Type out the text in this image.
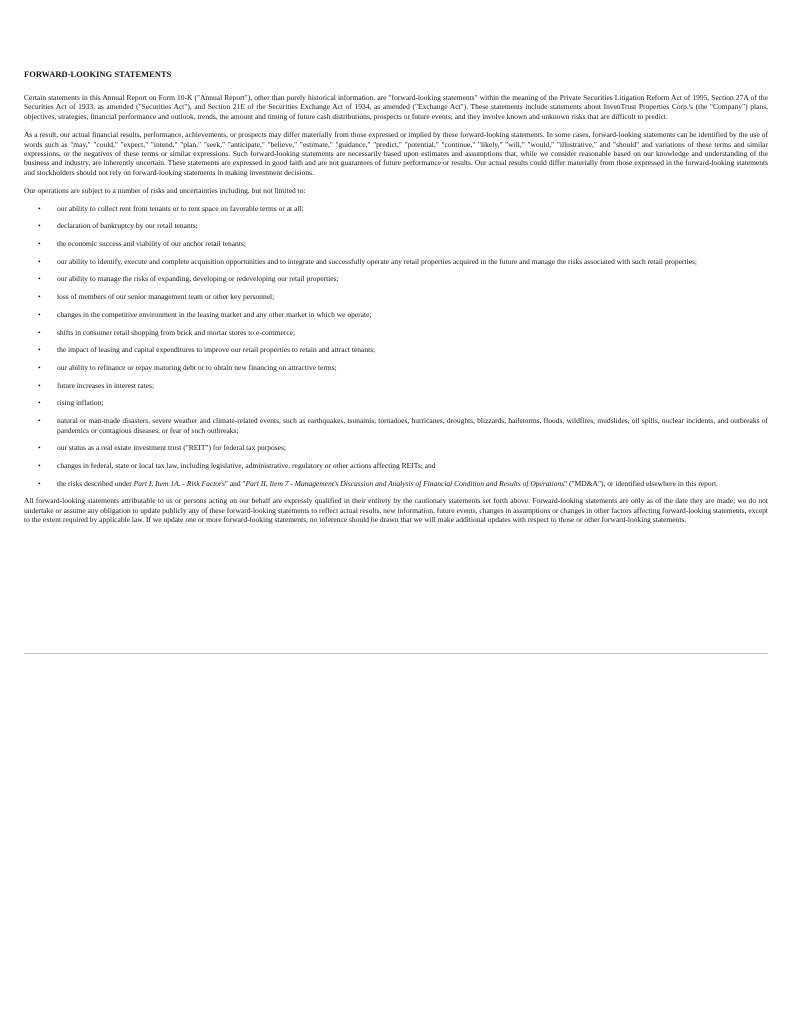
FORWARD-LOOKING STATEMENTS

Certain statements in this Annual Report on Form 10-K ("Annual Report"), other than purely historical information, are "forward-looking statements" within the meaning of the Private Securities Litigation Reform Act of 1995, Section 27A of the Securities Act of 1933, as amended ("Securities Act"), and Section 21E of the Securities Exchange Act of 1934, as amended ("Exchange Act"). These statements include statements about InvenTrust Properties Corp.'s (the "Company") plans, objectives, strategies, financial performance and outlook, trends, the amount and timing of future cash distributions, prospects or future events; and they involve known and unknown risks that are difficult to predict.

As a result, our actual financial results, performance, achievements, or prospects may differ materially from those expressed or implied by these forward-looking statements. In some cases, forward-looking statements can be identified by the use of words such as "may," "could," "expect," "intend," "plan," "seek," "anticipate," "believe," "estimate," "guidance," "predict," "potential," "continue," "likely," "will," "would," "illustrative," and "should" and variations of these terms and similar expressions, or the negatives of these terms or similar expressions. Such forward-looking statements are necessarily based upon estimates and assumptions that, while we consider reasonable based on our knowledge and understanding of the business and industry, are inherently uncertain. These statements are expressed in good faith and are not guarantees of future performance or results. Our actual results could differ materially from those expressed in the forward-looking statements and stockholders should not rely on forward-looking statements in making investment decisions.

Our operations are subject to a number of risks and uncertainties including, but not limited to:

• our ability to collect rent from tenants or to rent space on favorable terms or at all;
• declaration of bankruptcy by our retail tenants;
• the economic success and viability of our anchor retail tenants;
• our ability to identify, execute and complete acquisition opportunities and to integrate and successfully operate any retail properties acquired in the future and manage the risks associated with such retail properties;
• our ability to manage the risks of expanding, developing or redeveloping our retail properties;
• loss of members of our senior management team or other key personnel;
• changes in the competitive environment in the leasing market and any other market in which we operate;
• shifts in consumer retail shopping from brick and mortar stores to e-commerce;
• the impact of leasing and capital expenditures to improve our retail properties to retain and attract tenants;
• our ability to refinance or repay maturing debt or to obtain new financing on attractive terms;
• future increases in interest rates;
• rising inflation;
• natural or man-made disasters, severe weather and climate-related events, such as earthquakes, tsunamis, tornadoes, hurricanes, droughts, blizzards, hailstorms, floods, wildfires, mudslides, oil spills, nuclear incidents, and outbreaks of pandemics or contagious diseases, or fear of such outbreaks;
• our status as a real estate investment trust ("REIT") for federal tax purposes;
• changes in federal, state or local tax law, including legislative, administrative, regulatory or other actions affecting REITs; and
• the risks described under Part I, Item 1A. - Risk Factors" and "Part II, Item 7 - Management's Discussion and Analysis of Financial Condition and Results of Operations" ("MD&A"), or identified elsewhere in this report.

All forward-looking statements attributable to us or persons acting on our behalf are expressly qualified in their entirety by the cautionary statements set forth above. Forward-looking statements are only as of the date they are made; we do not undertake or assume any obligation to update publicly any of these forward-looking statements to reflect actual results, new information, future events, changes in assumptions or changes in other factors affecting forward-looking statements, except to the extent required by applicable law. If we update one or more forward-looking statements, no inference should be drawn that we will make additional updates with respect to those or other forward-looking statements.
